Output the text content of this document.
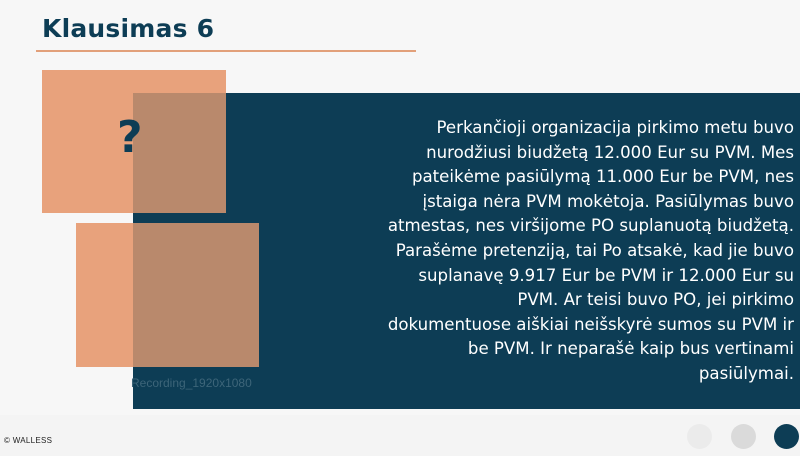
Klausimas 6
?
Recording_1920x1080

Perkančioji organizacija pirkimo metu buvo
nurodžiusi biudžetą 12.000 Eur su PVM. Mes
pateikėme pasiūlymą 11.000 Eur be PVM, nes
įstaiga nėra PVM mokėtoja. Pasiūlymas buvo
atmestas, nes viršijome PO suplanuotą biudžetą.
Parašėme pretenziją, tai Po atsakė, kad jie buvo
suplanavę 9.917 Eur be PVM ir 12.000 Eur su
PVM. Ar teisi buvo PO, jei pirkimo
dokumentuose aiškiai neišskyrė sumos su PVM ir
be PVM. Ir neparašė kaip bus vertinami
pasiūlymai.

© WALLESS
